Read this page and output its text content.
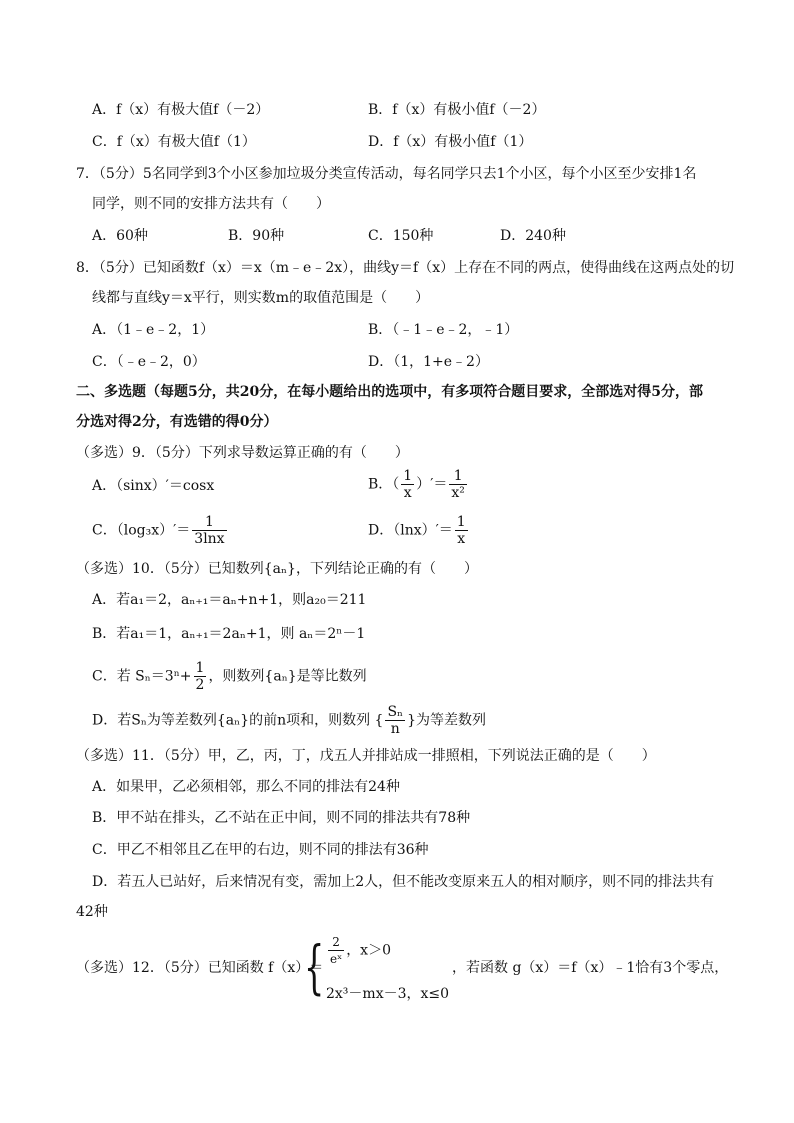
A．f（x）有极大值f（－2）	B．f（x）有极小值f（－2）
C．f（x）有极大值f（1）	D．f（x）有极小值f（1）
7．（5分）5名同学到3个小区参加垃圾分类宣传活动，每名同学只去1个小区，每个小区至少安排1名
同学，则不同的安排方法共有（　　）
A．60种	B．90种	C．150种	D．240种
8．（5分）已知函数f（x）＝x（m﹣e﹣2x），曲线y＝f（x）上存在不同的两点，使得曲线在这两点处的切
线都与直线y＝x平行，则实数m的取值范围是（　　）
A．（1﹣e﹣2，1）	B．（﹣1﹣e﹣2，﹣1）
C．（﹣e﹣2，0）	D．（1，1+e﹣2）
二、多选题（每题5分，共20分，在每小题给出的选项中，有多项符合题目要求，全部选对得5分，部
分选对得2分，有选错的得0分）
（多选）9．（5分）下列求导数运算正确的有（　　）
A．（sinx）′＝cosx	B．（ $\frac{1}{x}$ ）′＝ $\frac{1}{\text{x²}}$
C．$(\log_3x)'= \frac{1}{3\ln x}$	D．$(\ln x)'= \frac{1}{x}$
（多选）10．（5分）已知数列{aₙ}，下列结论正确的有（　　）
A．若a₁＝2，aₙ₊₁＝aₙ+n+1，则a₂₀＝211
B．若a₁＝1，aₙ₊₁＝2aₙ+1，则 aₙ＝2ⁿ－1
C．若 $S_n=3^n+ \frac{1}{2}$ ，则数列{aₙ}是等比数列
D．若Sₙ为等差数列{aₙ}的前n项和，则数列 { $\frac{\text{Sₙ}}{n}$ }为等差数列
（多选）11．（5分）甲，乙，丙，丁，戊五人并排站成一排照相，下列说法正确的是（　　）
A．如果甲，乙必须相邻，那么不同的排法有24种
B．甲不站在排头，乙不站在正中间，则不同的排法共有78种
C．甲乙不相邻且乙在甲的右边，则不同的排法有36种
D．若五人已站好，后来情况有变，需加上2人，但不能改变原来五人的相对顺序，则不同的排法共有
42种
（多选）12．（5分）已知函数 f（x）＝
{ $\frac{2}{\text{eˣ}}$ ，x＞0
2x³－mx－3，x≤0
，若函数 g（x）＝f（x）﹣1恰有3个零点，
